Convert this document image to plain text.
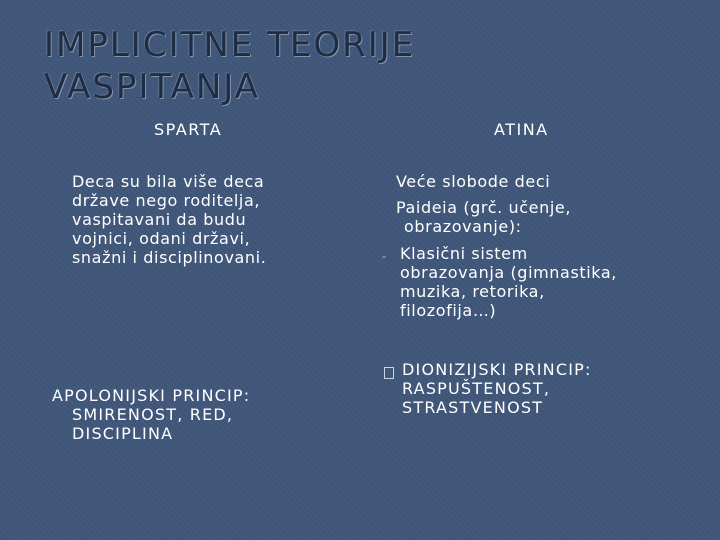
IMPLICITNE TEORIJE
VASPITANJA
SPARTA
Deca su bila više deca
države nego roditelja,
vaspitavani da budu
vojnici, odani državi,
snažni i disciplinovani.
APOLONIJSKI PRINCIP:
SMIRENOST, RED,
DISCIPLINA
ATINA
Veće slobode deci
Paideia (grč. učenje,
obrazovanje):
- Klasični sistem
obrazovanja (gimnastika,
muzika, retorika,
filozofija…)
DIONIZIJSKI PRINCIP:
RASPUŠTENOST,
STRASTVENOST
